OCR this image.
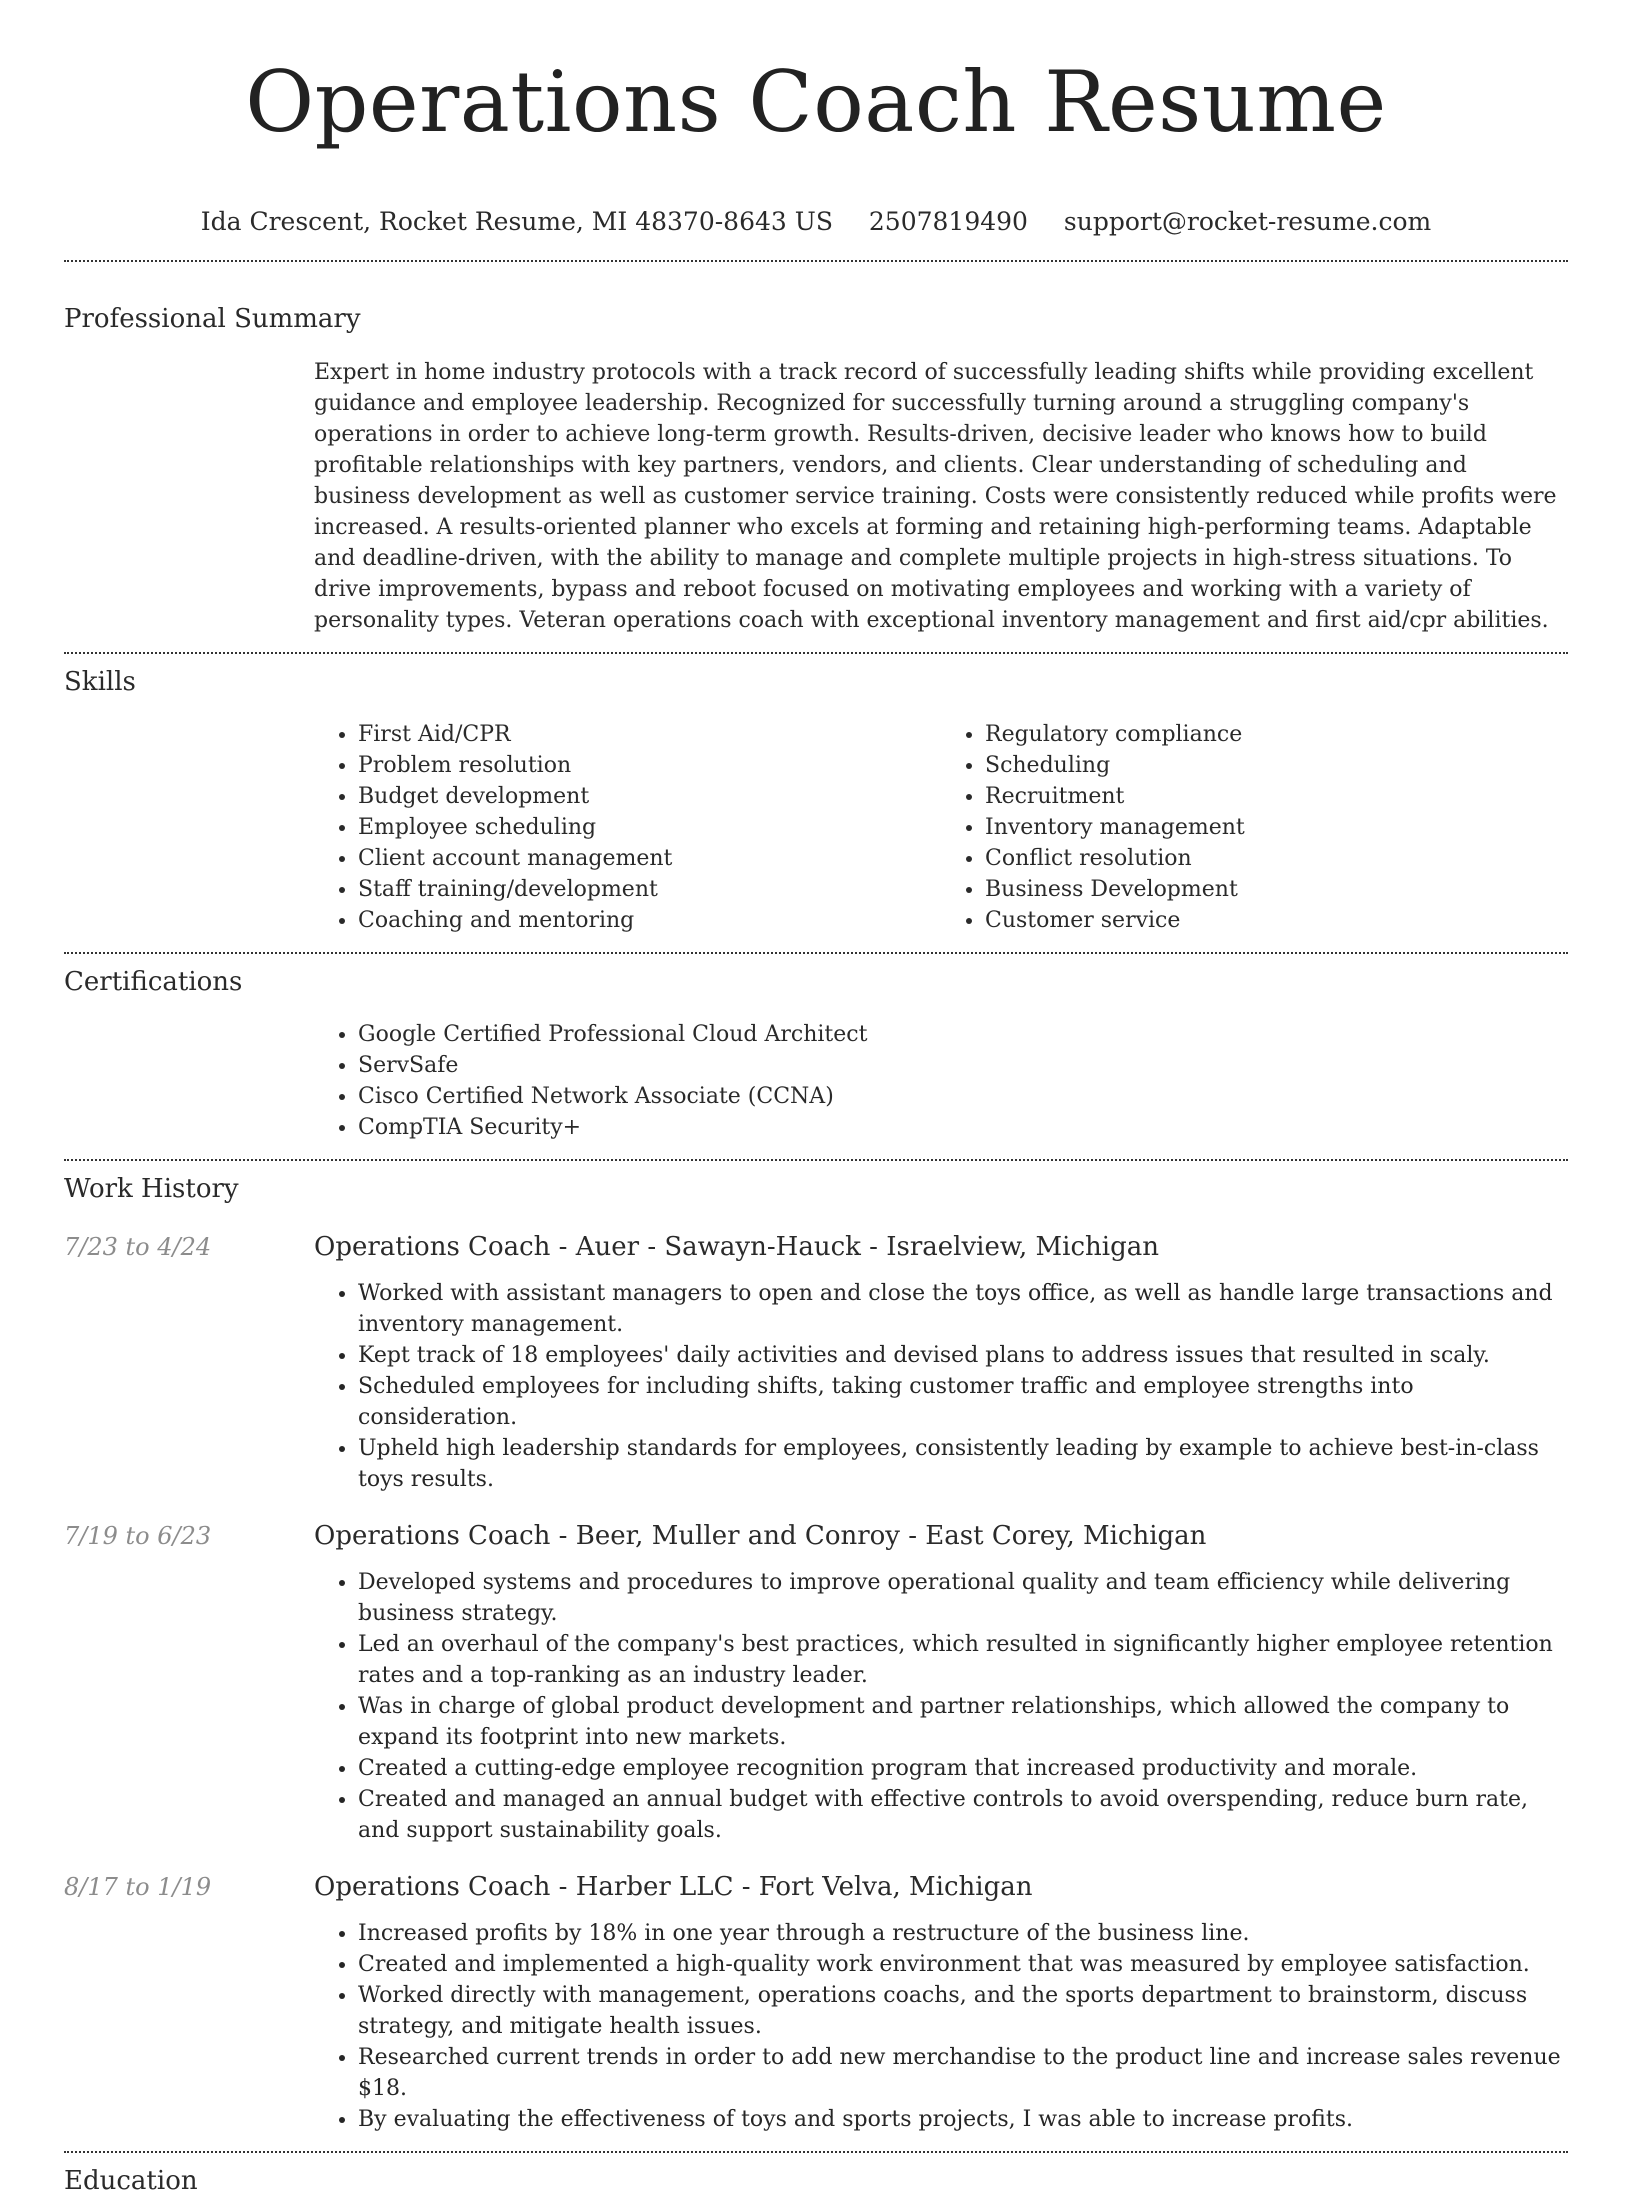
Operations Coach Resume
Ida Crescent, Rocket Resume, MI 48370-8643 US 2507819490 support@rocket-resume.com
Professional Summary

Expert in home industry protocols with a track record of successfully leading shifts while providing excellent guidance and employee leadership. Recognized for successfully turning around a struggling company's operations in order to achieve long-term growth. Results-driven, decisive leader who knows how to build profitable relationships with key partners, vendors, and clients. Clear understanding of scheduling and business development as well as customer service training. Costs were consistently reduced while profits were increased. A results-oriented planner who excels at forming and retaining high-performing teams. Adaptable and deadline-driven, with the ability to manage and complete multiple projects in high-stress situations. To drive improvements, bypass and reboot focused on motivating employees and working with a variety of personality types. Veteran operations coach with exceptional inventory management and first aid/cpr abilities.

Skills
• First Aid/CPR
• Problem resolution
• Budget development
• Employee scheduling
• Client account management
• Staff training/development
• Coaching and mentoring
• Regulatory compliance
• Scheduling
• Recruitment
• Inventory management
• Conflict resolution
• Business Development
• Customer service
Certifications
• Google Certified Professional Cloud Architect
• ServSafe
• Cisco Certified Network Associate (CCNA)
• CompTIA Security+
Work History
7/23 to 4/24	Operations Coach - Auer - Sawayn-Hauck - Israelview, Michigan
• Worked with assistant managers to open and close the toys office, as well as handle large transactions and inventory management.
• Kept track of 18 employees' daily activities and devised plans to address issues that resulted in scaly.
• Scheduled employees for including shifts, taking customer traffic and employee strengths into consideration.
• Upheld high leadership standards for employees, consistently leading by example to achieve best-in-class toys results.
7/19 to 6/23	Operations Coach - Beer, Muller and Conroy - East Corey, Michigan
• Developed systems and procedures to improve operational quality and team efficiency while delivering business strategy.
• Led an overhaul of the company's best practices, which resulted in significantly higher employee retention rates and a top-ranking as an industry leader.
• Was in charge of global product development and partner relationships, which allowed the company to expand its footprint into new markets.
• Created a cutting-edge employee recognition program that increased productivity and morale.
• Created and managed an annual budget with effective controls to avoid overspending, reduce burn rate, and support sustainability goals.
8/17 to 1/19	Operations Coach - Harber LLC - Fort Velva, Michigan
• Increased profits by 18% in one year through a restructure of the business line.
• Created and implemented a high-quality work environment that was measured by employee satisfaction.
• Worked directly with management, operations coachs, and the sports department to brainstorm, discuss strategy, and mitigate health issues.
• Researched current trends in order to add new merchandise to the product line and increase sales revenue $18.
• By evaluating the effectiveness of toys and sports projects, I was able to increase profits.
Education
